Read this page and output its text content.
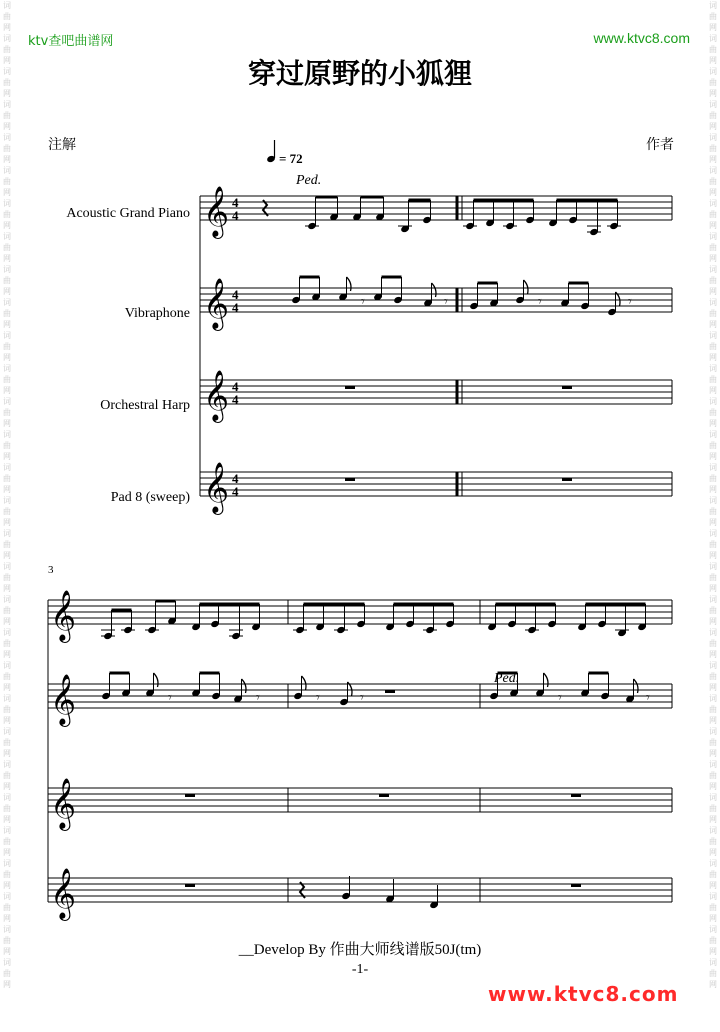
词
曲
网
词
曲
网
词
曲
网
词
曲
网
词
曲
网
词
曲
网
词
曲
网
词
曲
网
词
曲
网
词
曲
网
词
曲
网
词
曲
网
词
曲
网
词
曲
网
词
曲
网
词
曲
网
词
曲
网
词
曲
网
词
曲
网
词
曲
网
词
曲
网
词
曲
网
词
曲
网
词
曲
网
词
曲
网
词
曲
网
词
曲
网
词
曲
网
词
曲
网
词
曲
网
词
曲
网
词
曲
网
词
曲
网
词
曲
网
词
曲
网
词
曲
网
词
曲
网
词
曲
网
词
曲
网
词
曲
网
词
曲
网
词
曲
网
词
曲
网
词
曲
网
词
曲
网
词
曲
网
词
曲
网
词
曲
网
词
曲
网
词
曲
网
词
曲
网
词
曲
网
词
曲
网
词
曲
网
词
曲
网
词
曲
网
词
曲
网
词
曲
网
词
曲
网
词
曲
网
ktv查吧曲谱网	www.ktvc8.com
穿过原野的小狐狸
注解	作者
Acoustic Grand Piano
Vibraphone
Orchestral Harp
Pad 8 (sweep)
3
= 72
Ped.
Ped.
𝄞 4
4
𝄞 4
4
𝄞 4
4
𝄞 4
4
𝄞
𝄞
𝄞
𝄞
𝄾	𝄾	𝄾	𝄾
𝄾	𝄾	𝄾	𝄾	𝄾	𝄾
__Develop By 作曲大师线谱版50J(tm)
-1-
www.ktvc8.com
